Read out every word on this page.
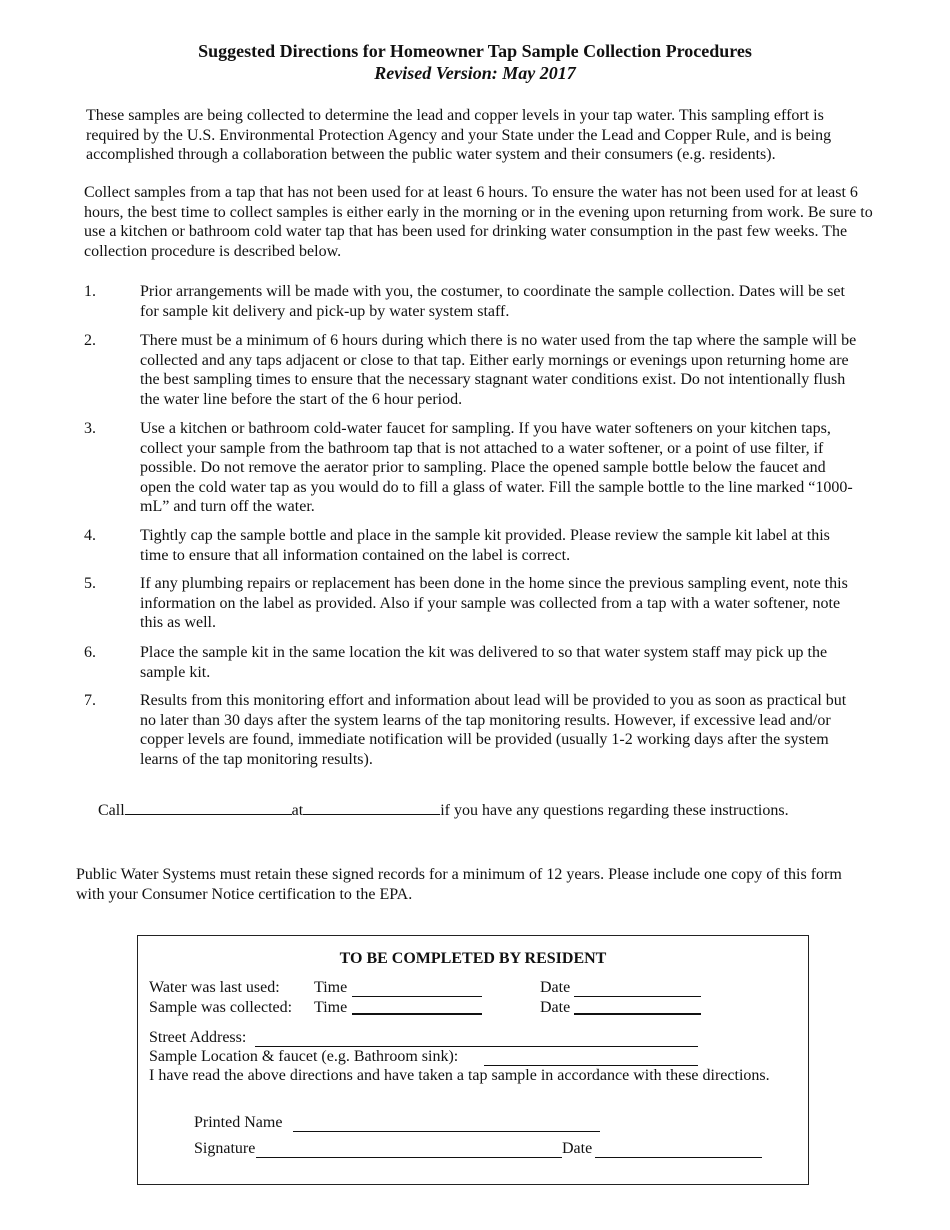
Suggested Directions for Homeowner Tap Sample Collection Procedures
Revised Version: May 2017
These samples are being collected to determine the lead and copper levels in your tap water. This sampling effort is required by the U.S. Environmental Protection Agency and your State under the Lead and Copper Rule, and is being accomplished through a collaboration between the public water system and their consumers (e.g. residents).
Collect samples from a tap that has not been used for at least 6 hours. To ensure the water has not been used for at least 6 hours, the best time to collect samples is either early in the morning or in the evening upon returning from work. Be sure to use a kitchen or bathroom cold water tap that has been used for drinking water consumption in the past few weeks. The collection procedure is described below.
1.	Prior arrangements will be made with you, the costumer, to coordinate the sample collection. Dates will be set for sample kit delivery and pick-up by water system staff.
2.	There must be a minimum of 6 hours during which there is no water used from the tap where the sample will be collected and any taps adjacent or close to that tap. Either early mornings or evenings upon returning home are the best sampling times to ensure that the necessary stagnant water conditions exist. Do not intentionally flush the water line before the start of the 6 hour period.
3.	Use a kitchen or bathroom cold-water faucet for sampling. If you have water softeners on your kitchen taps, collect your sample from the bathroom tap that is not attached to a water softener, or a point of use filter, if possible. Do not remove the aerator prior to sampling. Place the opened sample bottle below the faucet and open the cold water tap as you would do to fill a glass of water. Fill the sample bottle to the line marked “1000-mL” and turn off the water.
4.	Tightly cap the sample bottle and place in the sample kit provided. Please review the sample kit label at this time to ensure that all information contained on the label is correct.
5.	If any plumbing repairs or replacement has been done in the home since the previous sampling event, note this information on the label as provided. Also if your sample was collected from a tap with a water softener, note this as well.
6.	Place the sample kit in the same location the kit was delivered to so that water system staff may pick up the sample kit.
7.	Results from this monitoring effort and information about lead will be provided to you as soon as practical but no later than 30 days after the system learns of the tap monitoring results. However, if excessive lead and/or copper levels are found, immediate notification will be provided (usually 1-2 working days after the system learns of the tap monitoring results).
Call	at	if you have any questions regarding these instructions.
Public Water Systems must retain these signed records for a minimum of 12 years. Please include one copy of this form with your Consumer Notice certification to the EPA.
TO BE COMPLETED BY RESIDENT
Water was last used: Time	Date
Sample was collected: Time	Date
Street Address:
Sample Location & faucet (e.g. Bathroom sink):
I have read the above directions and have taken a tap sample in accordance with these directions.
Printed Name
Signature	Date
